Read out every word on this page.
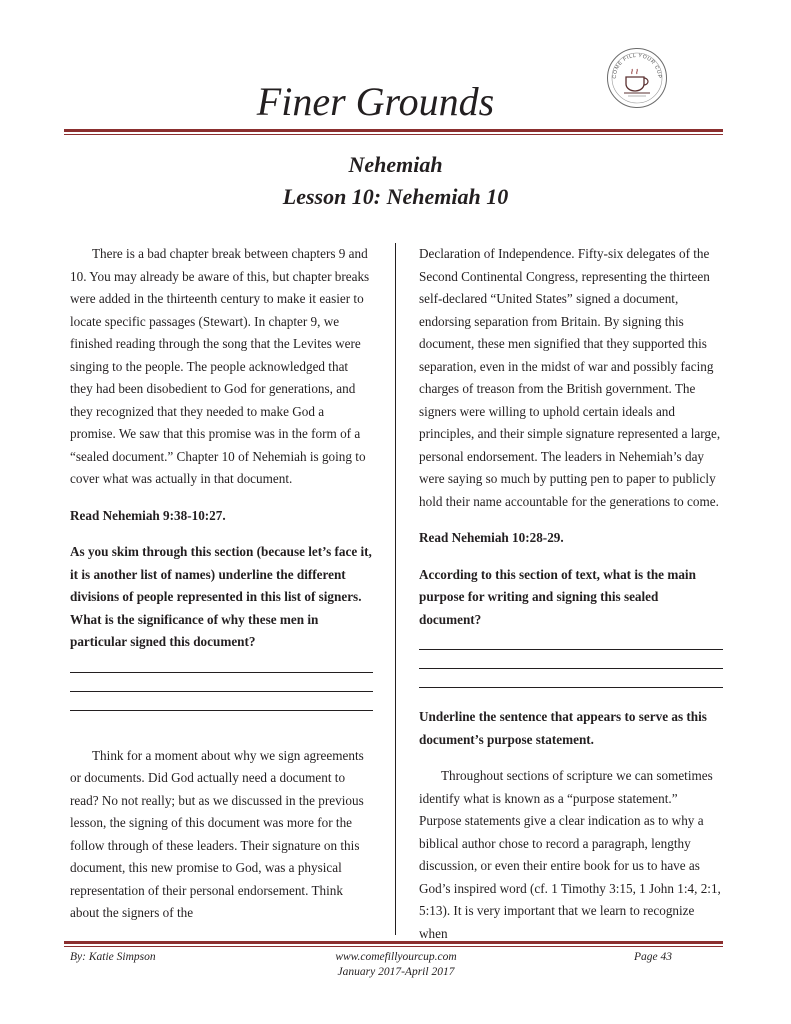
COME FILL YOUR CUP
Finer Grounds
Nehemiah
Lesson 10: Nehemiah 10

There is a bad chapter break between chapters 9 and 10. You may already be aware of this, but chapter breaks were added in the thirteenth century to make it easier to locate specific passages (Stewart). In chapter 9, we finished reading through the song that the Levites were singing to the people. The people acknowledged that they had been disobedient to God for generations, and they recognized that they needed to make God a promise. We saw that this promise was in the form of a “sealed document.” Chapter 10 of Nehemiah is going to cover what was actually in that document.

Read Nehemiah 9:38-10:27.

As you skim through this section (because let’s face it, it is another list of names) underline the different divisions of people represented in this list of signers. What is the significance of why these men in particular signed this document?

Think for a moment about why we sign agreements or documents. Did God actually need a document to read? No not really; but as we discussed in the previous lesson, the signing of this document was more for the follow through of these leaders. Their signature on this document, this new promise to God, was a physical representation of their personal endorsement. Think about the signers of the

Declaration of Independence. Fifty-six delegates of the Second Continental Congress, representing the thirteen self-declared “United States” signed a document, endorsing separation from Britain. By signing this document, these men signified that they supported this separation, even in the midst of war and possibly facing charges of treason from the British government. The signers were willing to uphold certain ideals and principles, and their simple signature represented a large, personal endorsement. The leaders in Nehemiah’s day were saying so much by putting pen to paper to publicly hold their name accountable for the generations to come.

Read Nehemiah 10:28-29.

According to this section of text, what is the main purpose for writing and signing this sealed document?

Underline the sentence that appears to serve as this document’s purpose statement.

Throughout sections of scripture we can sometimes identify what is known as a “purpose statement.” Purpose statements give a clear indication as to why a biblical author chose to record a paragraph, lengthy discussion, or even their entire book for us to have as God’s inspired word (cf. 1 Timothy 3:15, 1 John 1:4, 2:1, 5:13). It is very important that we learn to recognize when

By: Katie Simpson	www.comefillyourcup.com
January 2017-April 2017
Page 43
